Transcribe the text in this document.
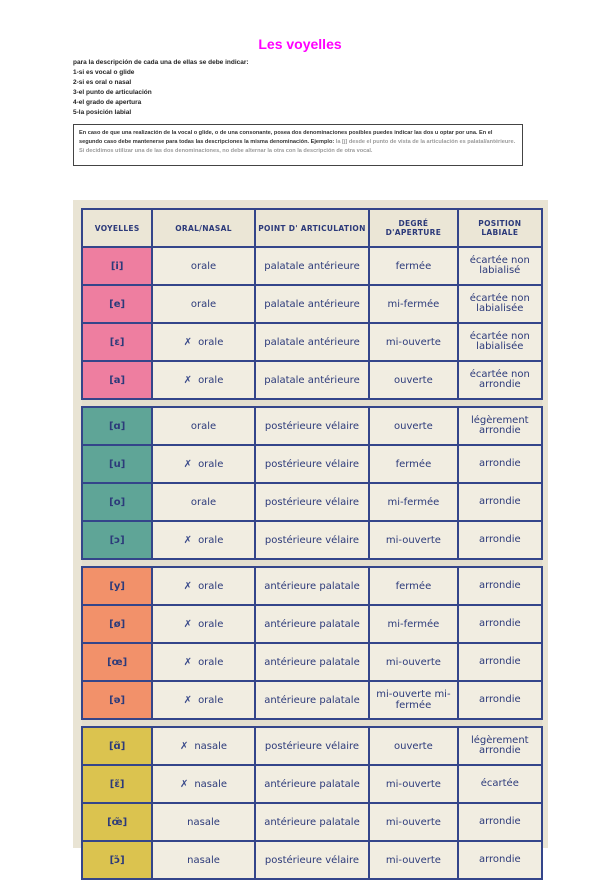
Les voyelles
para la descripción de cada una de ellas se debe indicar:
1-si es vocal o glide
2-si es oral o nasal
3-el punto de articulación
4-el grado de apertura
5-la posición labial
En caso de que una realización de la vocal o glide, o de una consonante, posea dos denominaciones posibles puedes indicar las dos u optar por una. En el segundo caso debe mantenerse para todas las descripciones la misma denominación. Ejemplo: la [j] desde el punto de vista de la articulación es palatal/antérieure. Si decidimos utilizar una de las dos denominaciones, no debe alternar la otra con la descripción de otra vocal.
VOYELLES	ORAL/NASAL	POINT D' ARTICULATION	DEGRÉ D'APERTURE	POSITION LABIALE
[i]	orale	palatale antérieure	fermée	écartée non labialisé
[e]	orale	palatale antérieure	mi-fermée	écartée non labialisée
[ɛ]	✗ orale	palatale antérieure	mi-ouverte	écartée non labialisée
[a]	✗ orale	palatale antérieure	ouverte	écartée non arrondie

[ɑ]	orale	postérieure vélaire	ouverte	légèrement arrondie
[u]	✗ orale	postérieure vélaire	fermée	arrondie
[o]	orale	postérieure vélaire	mi-fermée	arrondie
[ɔ]	✗ orale	postérieure vélaire	mi-ouverte	arrondie

[y]	✗ orale	antérieure palatale	fermée	arrondie
[ø]	✗ orale	antérieure palatale	mi-fermée	arrondie
[œ]	✗ orale	antérieure palatale	mi-ouverte	arrondie
[ə]	✗ orale	antérieure palatale	mi-ouverte mi-fermée	arrondie

[ɑ̃]	✗ nasale	postérieure vélaire	ouverte	légèrement arrondie
[ɛ̃]	✗ nasale	antérieure palatale	mi-ouverte	écartée
[œ̃]	nasale	antérieure palatale	mi-ouverte	arrondie
[ɔ̃]	nasale	postérieure vélaire	mi-ouverte	arrondie
